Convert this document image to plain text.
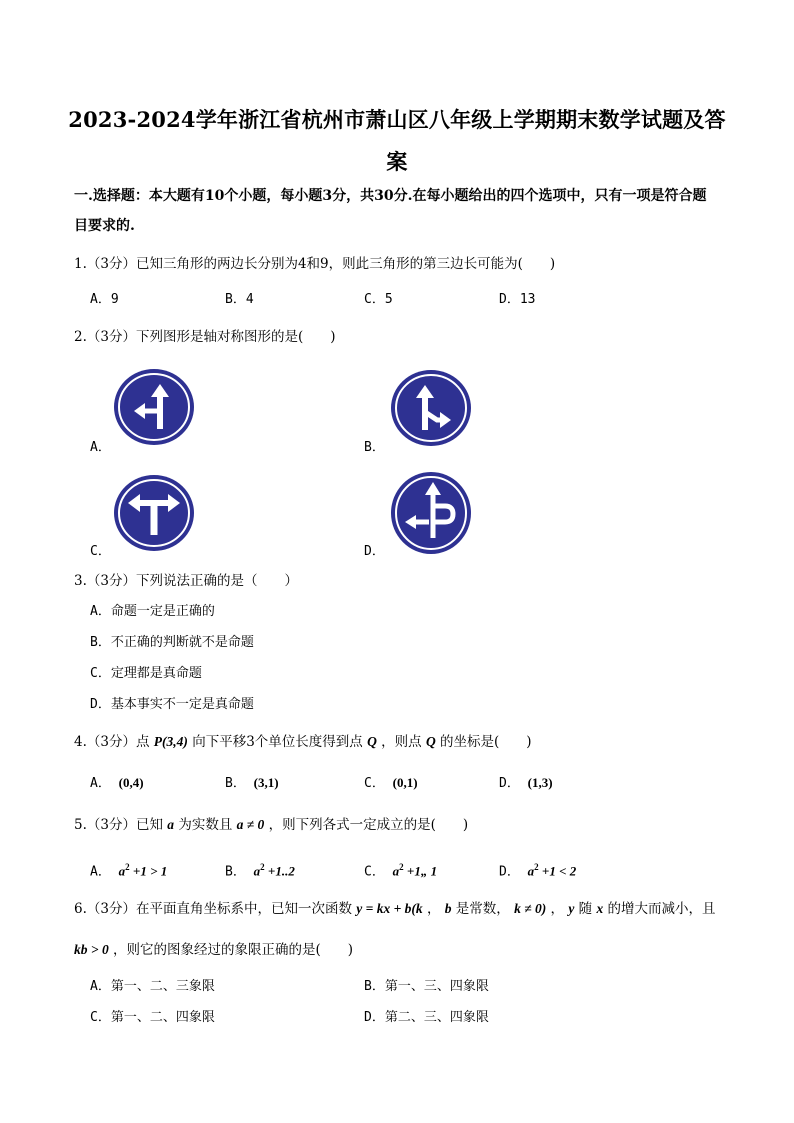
2023-2024学年浙江省杭州市萧山区八年级上学期期末数学试题及答
案
一.选择题：本大题有10个小题，每小题3分，共30分.在每小题给出的四个选项中，只有一项是符合题
目要求的.
1.（3分）已知三角形的两边长分别为4和9，则此三角形的第三边长可能为(　　)
A．9	B．4	C．5	D．13
2.（3分）下列图形是轴对称图形的是(　　)
A．	B．
C．	D．
3.（3分）下列说法正确的是（　　）
A．命题一定是正确的
B．不正确的判断就不是命题
C．定理都是真命题
D．基本事实不一定是真命题
4.（3分）点 P(3,4) 向下平移3个单位长度得到点 Q ，则点 Q 的坐标是(　　)
A． (0,4)	B． (3,1)	C． (0,1)	D． (1,3)
5.（3分）已知 a 为实数且 a ≠ 0 ，则下列各式一定成立的是(　　)
A． $a^2 +1 > 1$	B． $a^2 +1..2$	C． $a^2$ +1„ 1	D． $a^2 +1 < 2$
6.（3分）在平面直角坐标系中，已知一次函数 y = kx + b(k ， b 是常数， k ≠ 0) ， y 随 x 的增大而减小，且
kb > 0 ，则它的图象经过的象限正确的是(　　)
A．第一、二、三象限	B．第一、三、四象限
C．第一、二、四象限	D．第二、三、四象限
